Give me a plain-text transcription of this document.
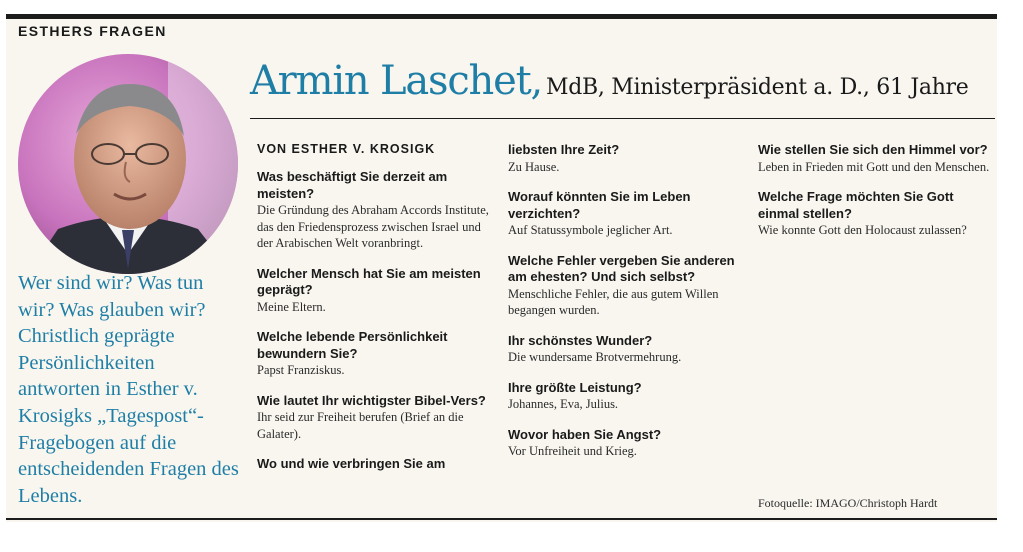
ESTHERS FRAGEN
Wer sind wir? Was tun wir? Was glauben wir? Christlich geprägte Persönlichkeiten antworten in Esther v. Krosigks „Tagespost“-Fragebogen auf die entscheidenden Fragen des Lebens.
Armin Laschet, MdB, Ministerpräsident a. D., 61 Jahre
VON ESTHER V. KROSIGK
Was beschäftigt Sie derzeit am meisten?
Die Gründung des Abraham Accords Institute, das den Friedensprozess zwischen Israel und der Arabischen Welt voranbringt.
Welcher Mensch hat Sie am meisten geprägt?
Meine Eltern.
Welche lebende Persönlichkeit bewundern Sie?
Papst Franziskus.
Wie lautet Ihr wichtigster Bibel-Vers?
Ihr seid zur Freiheit berufen (Brief an die Galater).
Wo und wie verbringen Sie am
liebsten Ihre Zeit?
Zu Hause.
Worauf könnten Sie im Leben verzichten?
Auf Statussymbole jeglicher Art.
Welche Fehler vergeben Sie anderen am ehesten? Und sich selbst?
Menschliche Fehler, die aus gutem Willen begangen wurden.
Ihr schönstes Wunder?
Die wundersame Brotvermehrung.
Ihre größte Leistung?
Johannes, Eva, Julius.
Wovor haben Sie Angst?
Vor Unfreiheit und Krieg.
Wie stellen Sie sich den Himmel vor?
Leben in Frieden mit Gott und den Menschen.
Welche Frage möchten Sie Gott einmal stellen?
Wie konnte Gott den Holocaust zulassen?
Fotoquelle: IMAGO/Christoph Hardt
